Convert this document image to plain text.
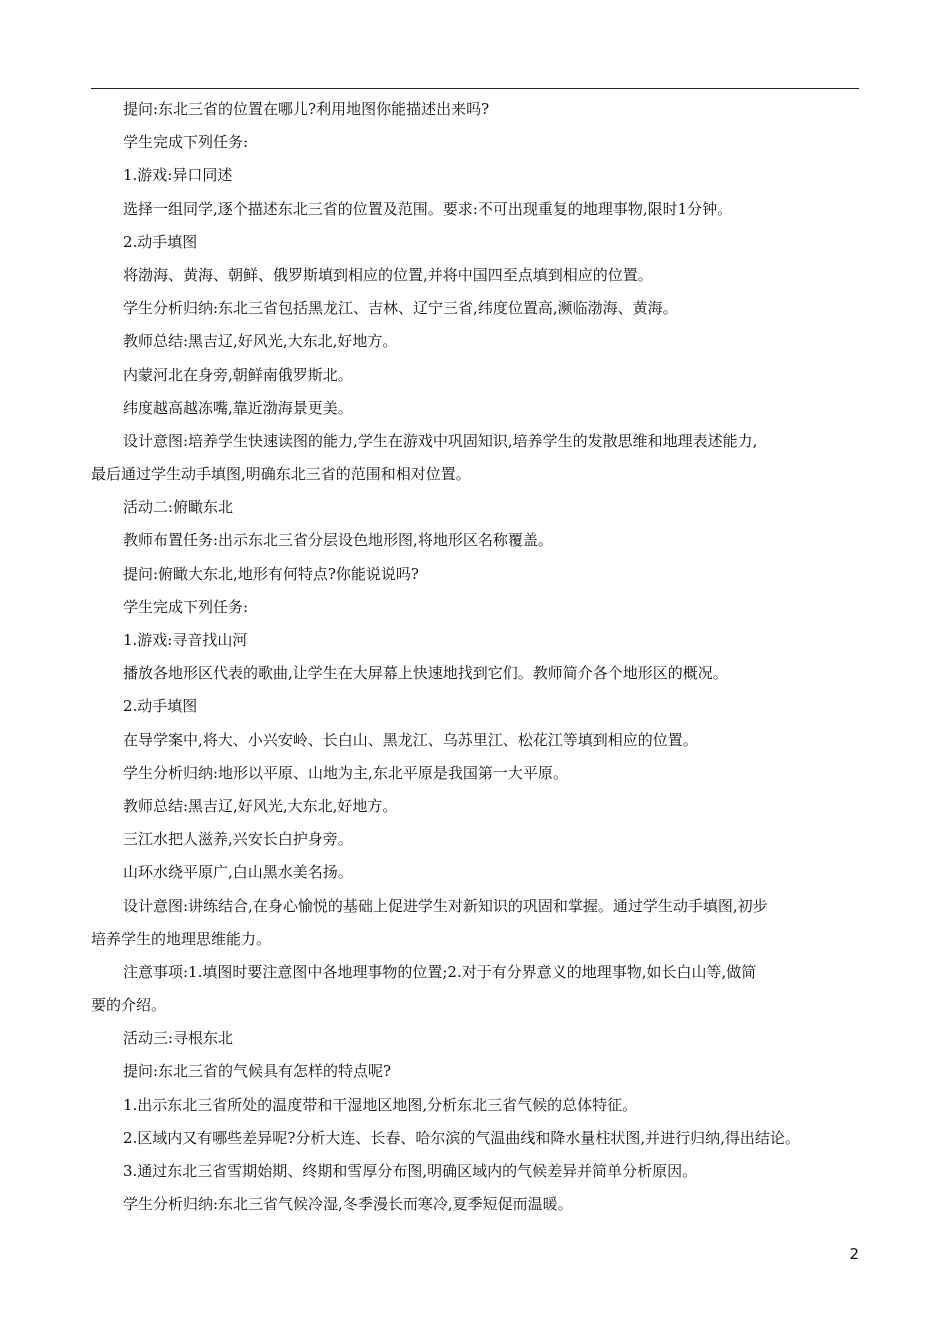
提问:东北三省的位置在哪儿?利用地图你能描述出来吗?
学生完成下列任务:
1.游戏:异口同述
选择一组同学,逐个描述东北三省的位置及范围。要求:不可出现重复的地理事物,限时1分钟。
2.动手填图
将渤海、黄海、朝鲜、俄罗斯填到相应的位置,并将中国四至点填到相应的位置。
学生分析归纳:东北三省包括黑龙江、吉林、辽宁三省,纬度位置高,濒临渤海、黄海。
教师总结:黑吉辽,好风光,大东北,好地方。
内蒙河北在身旁,朝鲜南俄罗斯北。
纬度越高越冻嘴,靠近渤海景更美。
设计意图:培养学生快速读图的能力,学生在游戏中巩固知识,培养学生的发散思维和地理表述能力,
最后通过学生动手填图,明确东北三省的范围和相对位置。
活动二:俯瞰东北
教师布置任务:出示东北三省分层设色地形图,将地形区名称覆盖。
提问:俯瞰大东北,地形有何特点?你能说说吗?
学生完成下列任务:
1.游戏:寻音找山河
播放各地形区代表的歌曲,让学生在大屏幕上快速地找到它们。教师简介各个地形区的概况。
2.动手填图
在导学案中,将大、小兴安岭、长白山、黑龙江、乌苏里江、松花江等填到相应的位置。
学生分析归纳:地形以平原、山地为主,东北平原是我国第一大平原。
教师总结:黑吉辽,好风光,大东北,好地方。
三江水把人滋养,兴安长白护身旁。
山环水绕平原广,白山黑水美名扬。
设计意图:讲练结合,在身心愉悦的基础上促进学生对新知识的巩固和掌握。通过学生动手填图,初步
培养学生的地理思维能力。
注意事项:1.填图时要注意图中各地理事物的位置;2.对于有分界意义的地理事物,如长白山等,做简
要的介绍。
活动三:寻根东北
提问:东北三省的气候具有怎样的特点呢?
1.出示东北三省所处的温度带和干湿地区地图,分析东北三省气候的总体特征。
2.区域内又有哪些差异呢?分析大连、长春、哈尔滨的气温曲线和降水量柱状图,并进行归纳,得出结论。
3.通过东北三省雪期始期、终期和雪厚分布图,明确区域内的气候差异并简单分析原因。
学生分析归纳:东北三省气候冷湿,冬季漫长而寒冷,夏季短促而温暖。
2
